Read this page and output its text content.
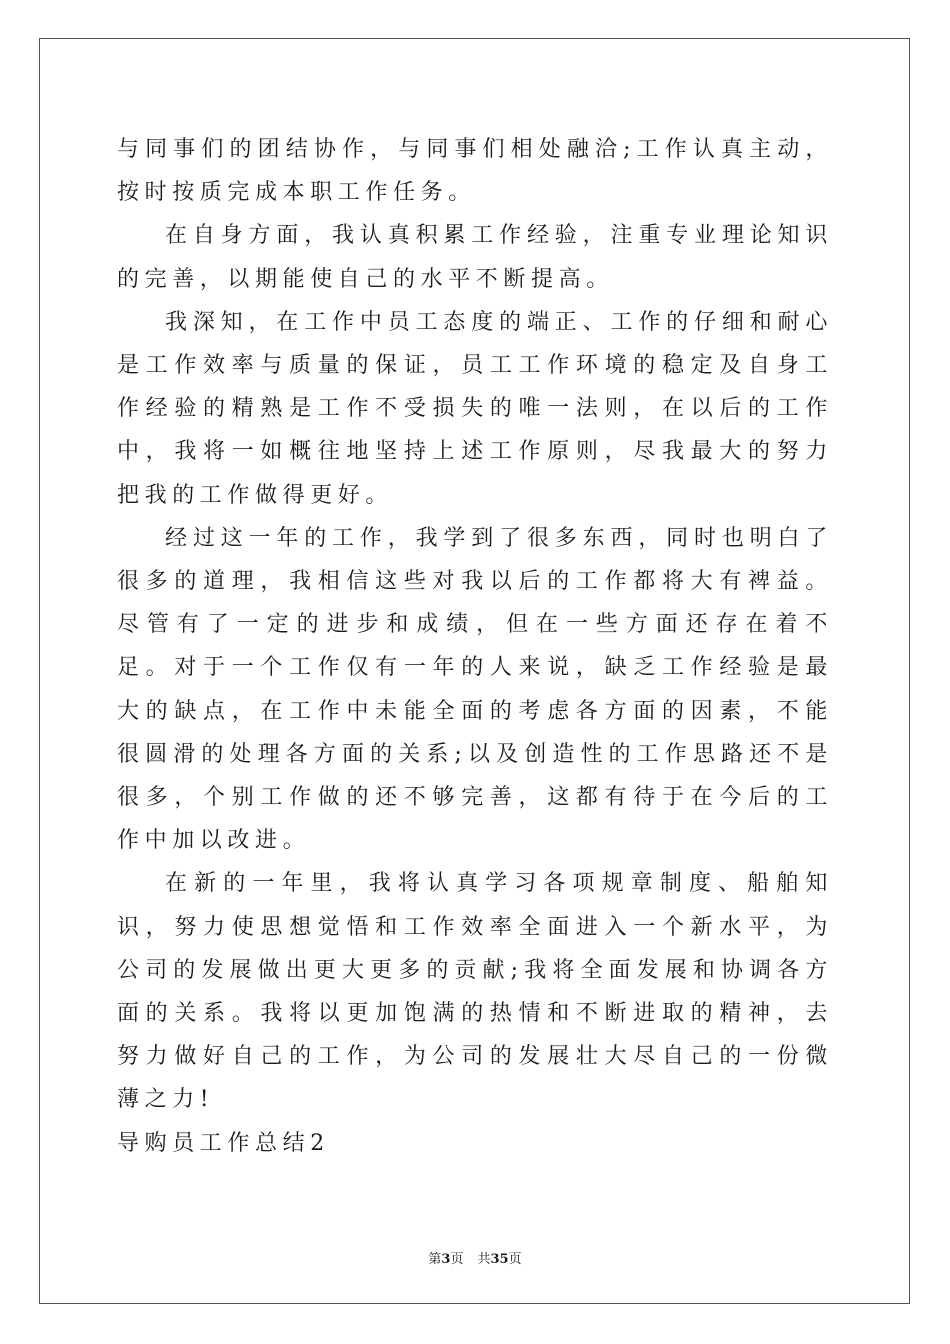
与同事们的团结协作，与同事们相处融洽;工作认真主动，按时按质完成本职工作任务。

在自身方面，我认真积累工作经验，注重专业理论知识的完善，以期能使自己的水平不断提高。

我深知，在工作中员工态度的端正、工作的仔细和耐心是工作效率与质量的保证，员工工作环境的稳定及自身工作经验的精熟是工作不受损失的唯一法则，在以后的工作中，我将一如概往地坚持上述工作原则，尽我最大的努力把我的工作做得更好。

经过这一年的工作，我学到了很多东西，同时也明白了很多的道理，我相信这些对我以后的工作都将大有裨益。尽管有了一定的进步和成绩，但在一些方面还存在着不足。对于一个工作仅有一年的人来说，缺乏工作经验是最大的缺点，在工作中未能全面的考虑各方面的因素，不能很圆滑的处理各方面的关系;以及创造性的工作思路还不是很多，个别工作做的还不够完善，这都有待于在今后的工作中加以改进。

在新的一年里，我将认真学习各项规章制度、船舶知识，努力使思想觉悟和工作效率全面进入一个新水平，为公司的发展做出更大更多的贡献;我将全面发展和协调各方面的关系。我将以更加饱满的热情和不断进取的精神，去努力做好自己的工作，为公司的发展壮大尽自己的一份微薄之力!

导购员工作总结2

第3页 共35页
